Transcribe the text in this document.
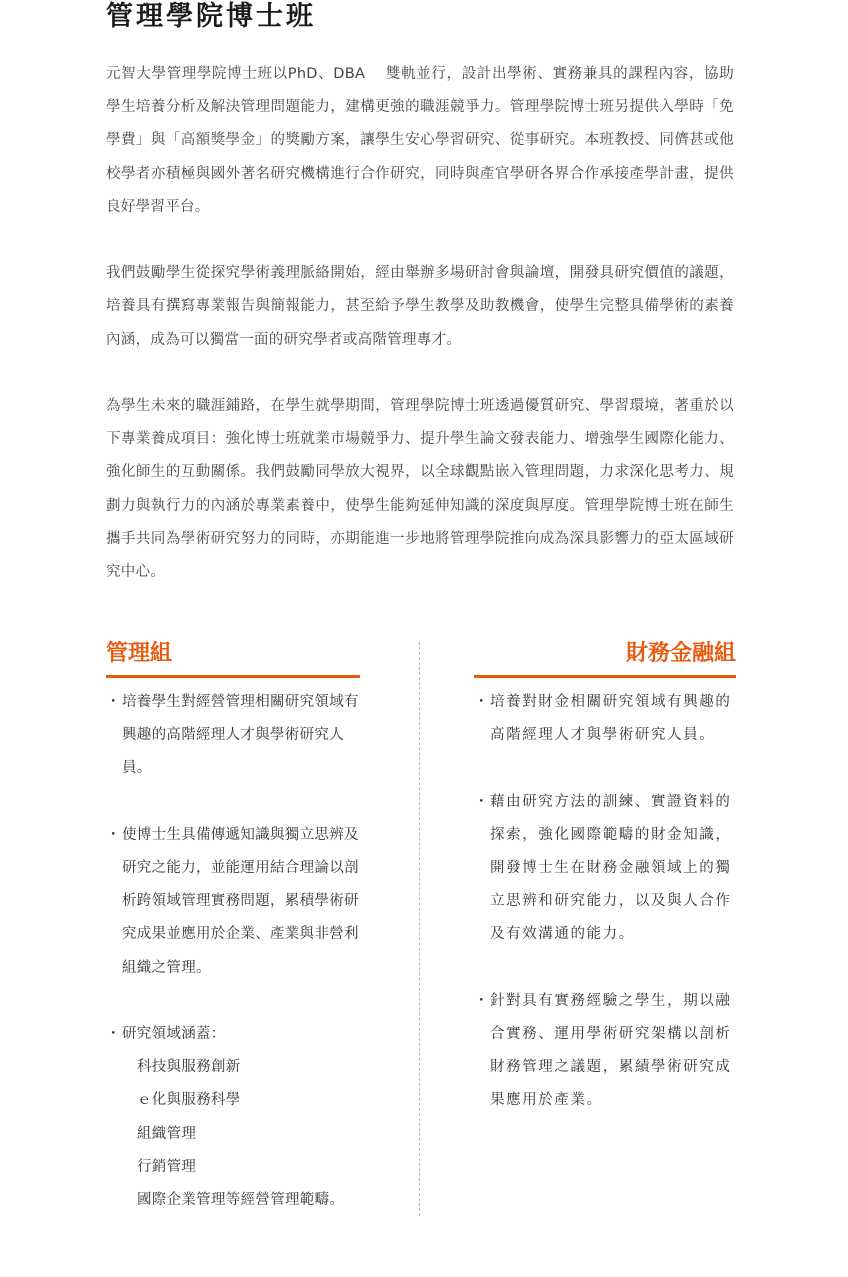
管理學院博士班

元智大學管理學院博士班以PhD、DBA　 雙軌並行，設計出學術、實務兼具的課程內容，協助學生培養分析及解決管理問題能力，建構更強的職涯競爭力。管理學院博士班另提供入學時「免學費」與「高額獎學金」的獎勵方案，讓學生安心學習研究、從事研究。本班教授、同儕甚或他校學者亦積極與國外著名研究機構進行合作研究，同時與產官學研各界合作承接產學計畫，提供良好學習平台。

我們鼓勵學生從探究學術義理脈絡開始，經由舉辦多場研討會與論壇，開發具研究價值的議題，培養具有撰寫專業報告與簡報能力，甚至給予學生教學及助教機會，使學生完整具備學術的素養內涵，成為可以獨當一面的研究學者或高階管理專才。

為學生未來的職涯鋪路，在學生就學期間，管理學院博士班透過優質研究、學習環境，著重於以下專業養成項目：強化博士班就業市場競爭力、提升學生論文發表能力、增強學生國際化能力、強化師生的互動關係。我們鼓勵同學放大視界，以全球觀點嵌入管理問題，力求深化思考力、規劃力與執行力的內涵於專業素養中，使學生能夠延伸知識的深度與厚度。管理學院博士班在師生攜手共同為學術研究努力的同時，亦期能進一步地將管理學院推向成為深具影響力的亞太區域研究中心。

管理組
・ 培養學生對經營管理相關研究領域有興趣的高階經理人才與學術研究人員。
・ 使博士生具備傳遞知識與獨立思辨及研究之能力，並能運用結合理論以剖析跨領域管理實務問題，累積學術研究成果並應用於企業、產業與非營利組織之管理。
・ 研究領域涵蓋：
科技與服務創新
ｅ化與服務科學
組織管理
行銷管理
國際企業管理等經營管理範疇。
財務金融組
・ 培養對財金相關研究領域有興趣的高階經理人才與學術研究人員。
・ 藉由研究方法的訓練、實證資料的探索，強化國際範疇的財金知識，開發博士生在財務金融領域上的獨立思辨和研究能力，以及與人合作及有效溝通的能力。
・ 針對具有實務經驗之學生，期以融合實務、運用學術研究架構以剖析財務管理之議題，累績學術研究成果應用於產業。
